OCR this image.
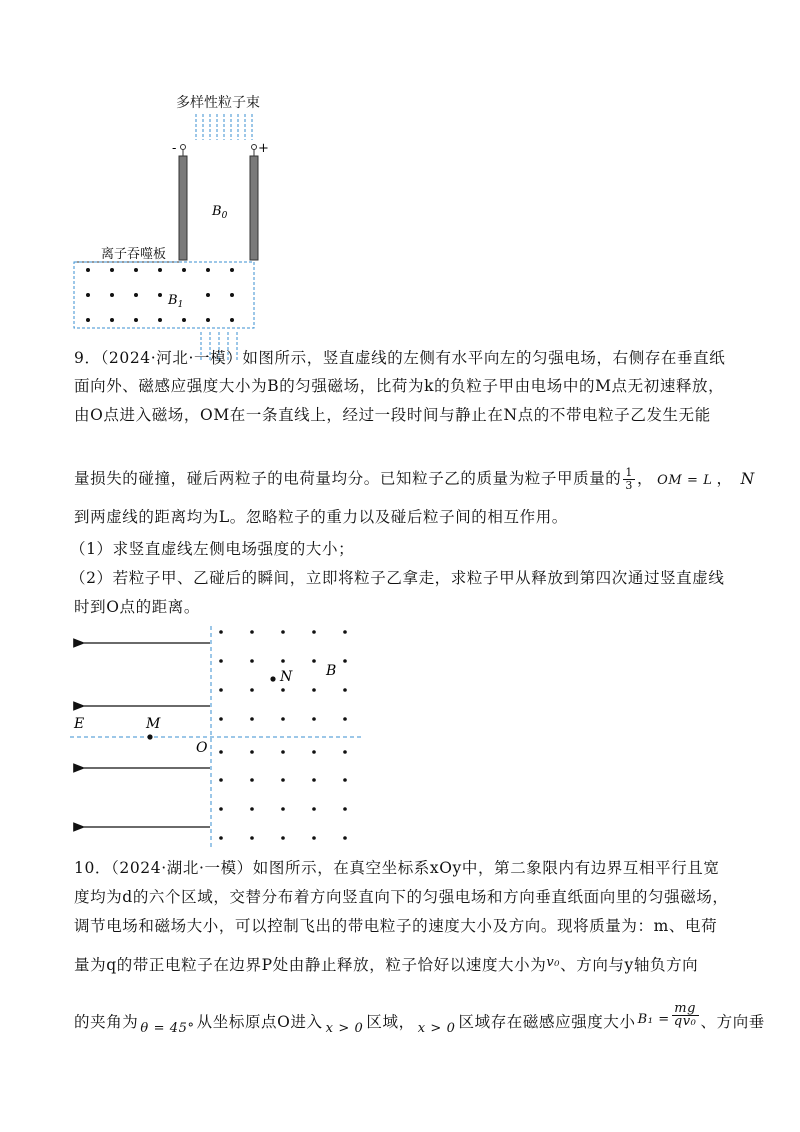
多样性粒子束
-	+
$B_0$
$B_1$
离子吞噬板
9．（2024·河北·一模）如图所示，竖直虚线的左侧有水平向左的匀强电场，右侧存在垂直纸
面向外、磁感应强度大小为B的匀强磁场，比荷为k的负粒子甲由电场中的M点无初速释放，
由O点进入磁场，OM在一条直线上，经过一段时间与静止在N点的不带电粒子乙发生无能
量损失的碰撞，碰后两粒子的电荷量均分。已知粒子乙的质量为粒子甲质量的 $\frac{1}{3}$ ， OM = L ， N
到两虚线的距离均为L。忽略粒子的重力以及碰后粒子间的相互作用。
（1）求竖直虚线左侧电场强度的大小；
（2）若粒子甲、乙碰后的瞬间，立即将粒子乙拿走，求粒子甲从释放到第四次通过竖直虚线
时到O点的距离。
E	M
O
N B
10．（2024·湖北·一模）如图所示，在真空坐标系xOy中，第二象限内有边界互相平行且宽
度均为d的六个区域，交替分布着方向竖直向下的匀强电场和方向垂直纸面向里的匀强磁场，
调节电场和磁场大小，可以控制飞出的带电粒子的速度大小及方向。现将质量为：m、电荷
量为q的带正电粒子在边界P处由静止释放，粒子恰好以速度大小为$^{v_0}$、方向与y轴负方向
的夹角为 $_{\theta = 45^\circ}$ 从坐标原点O进入 $_{x > 0}$ 区域， $_{x > 0}$ 区域存在磁感应强度大小 $^{B_1 =} \frac{mg}{\text{qv₀}}$ 、方向垂
